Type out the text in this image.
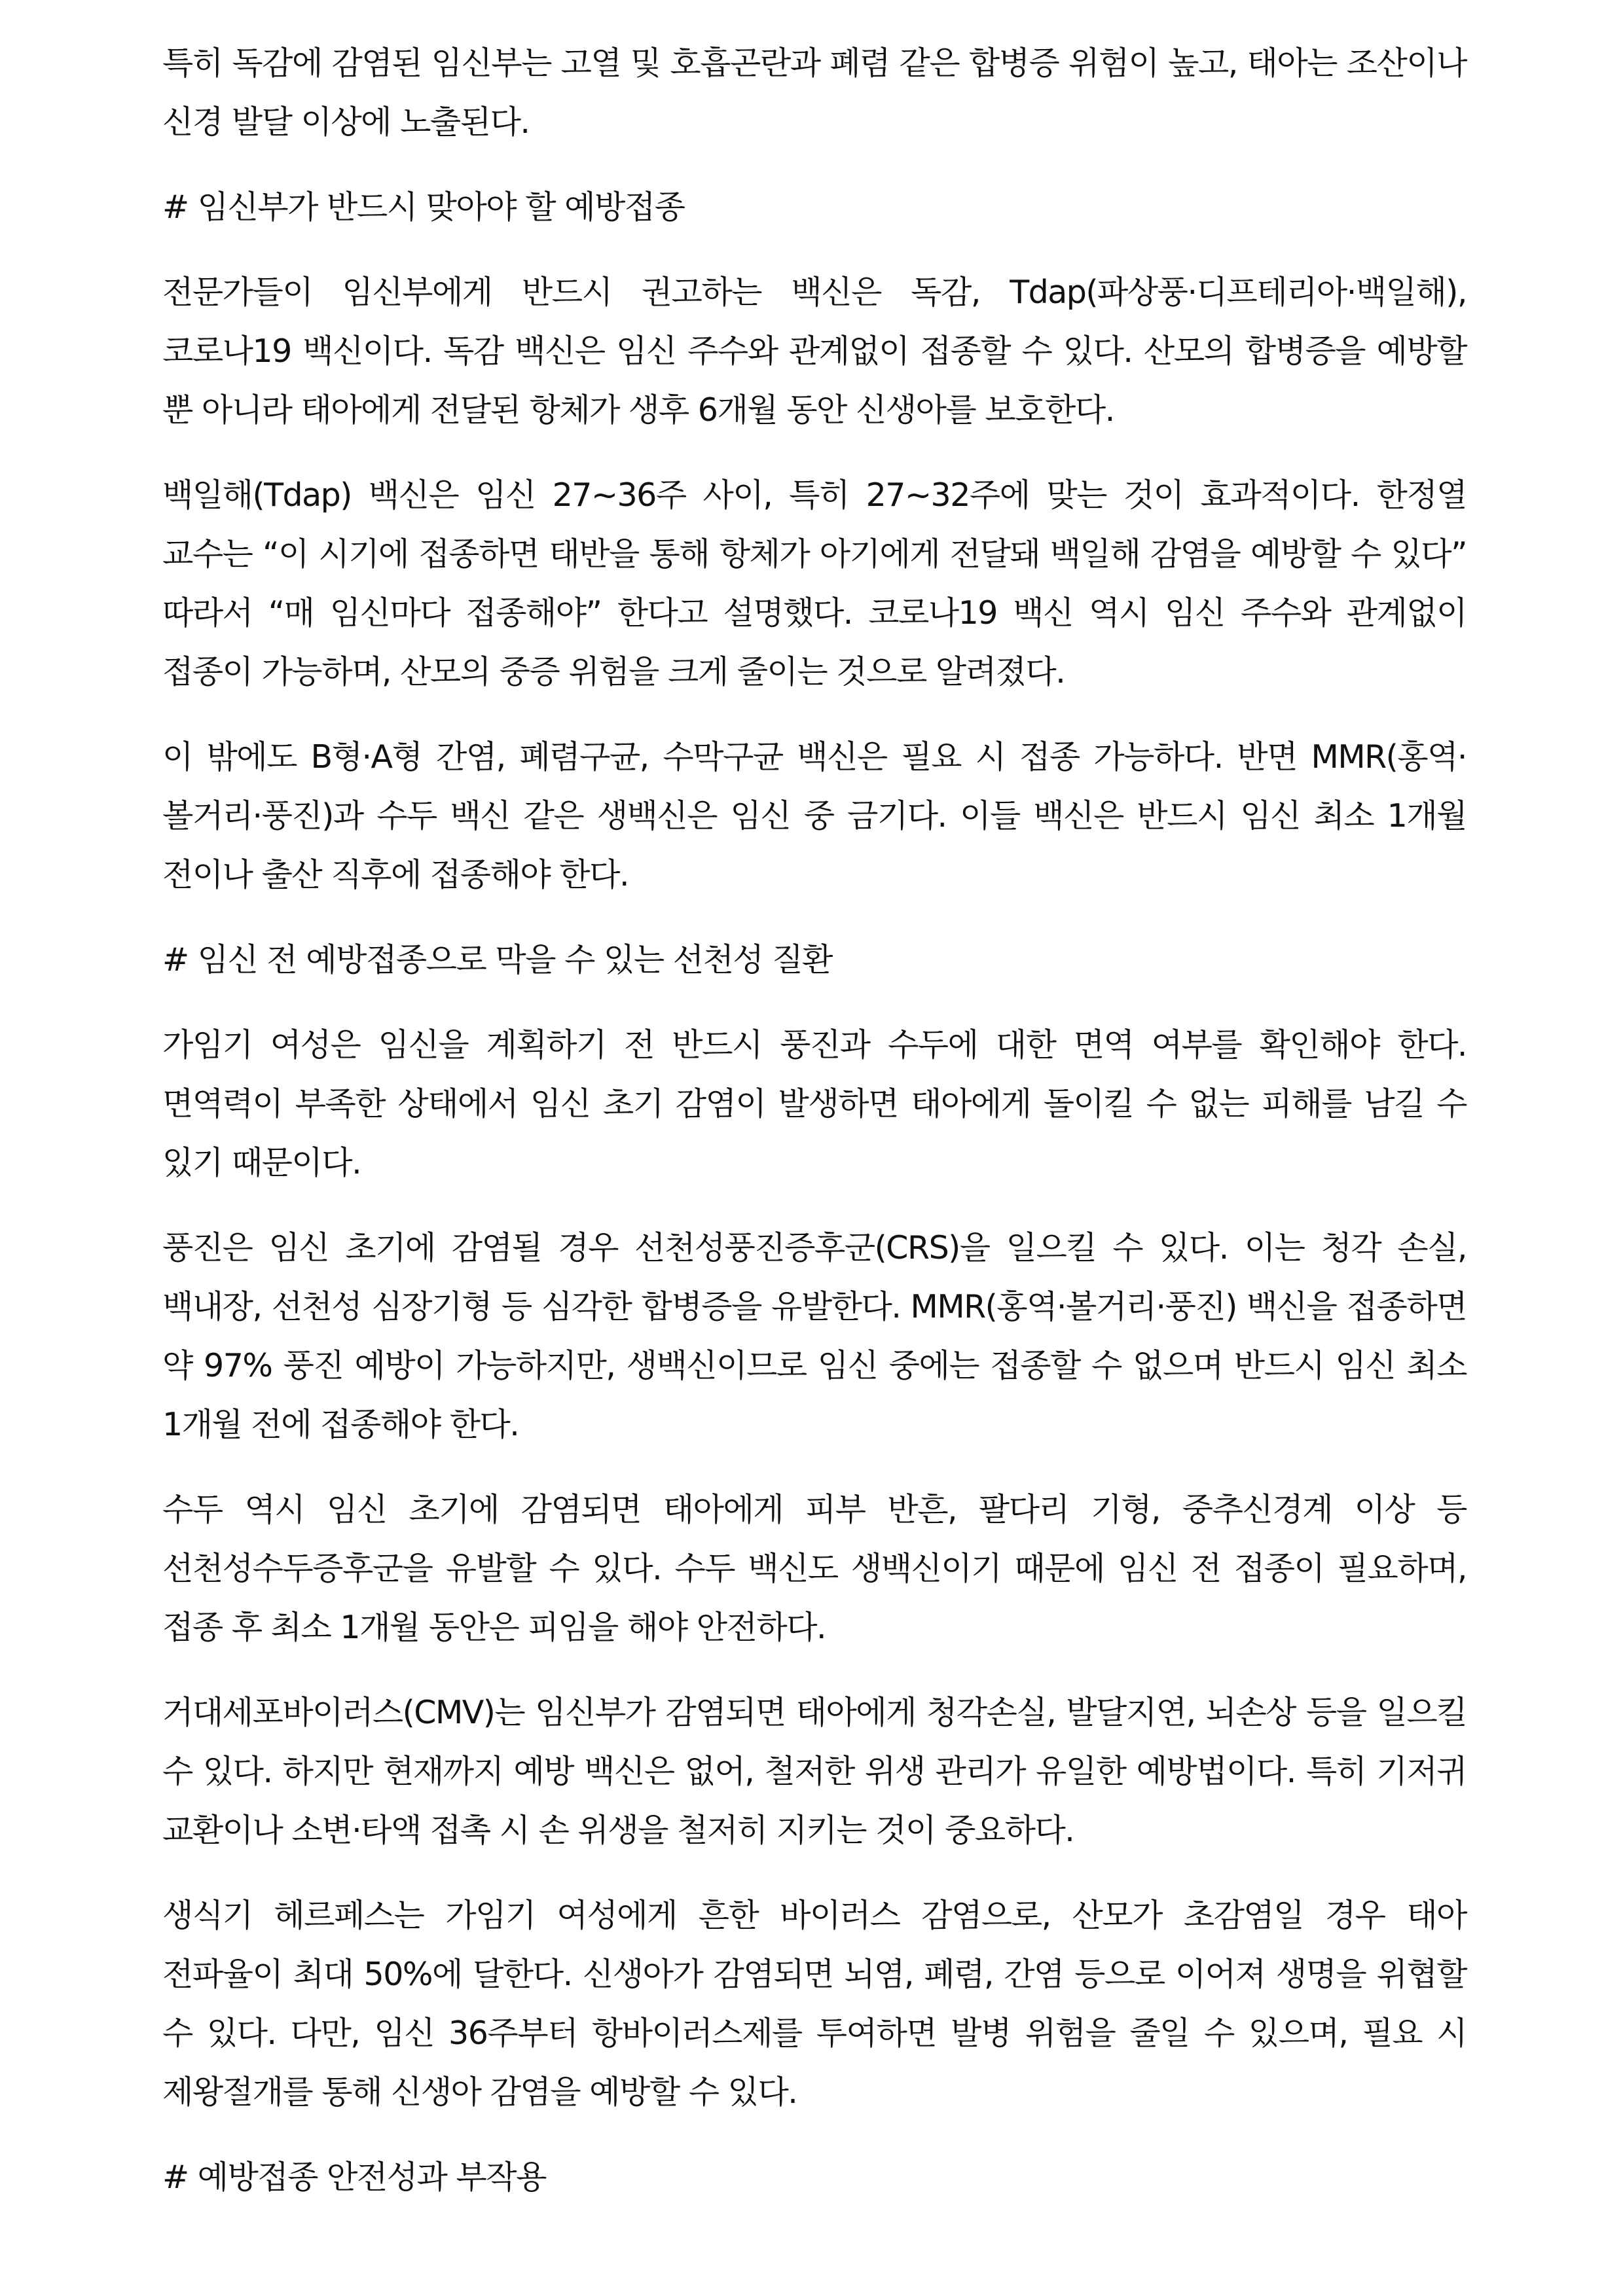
특히 독감에 감염된 임신부는 고열 및 호흡곤란과 폐렴 같은 합병증 위험이 높고, 태아는 조산이나 신경 발달 이상에 노출된다.

# 임신부가 반드시 맞아야 할 예방접종

전문가들이 임신부에게 반드시 권고하는 백신은 독감, Tdap(파상풍·디프테리아·백일해), 코로나19 백신이다. 독감 백신은 임신 주수와 관계없이 접종할 수 있다. 산모의 합병증을 예방할 뿐 아니라 태아에게 전달된 항체가 생후 6개월 동안 신생아를 보호한다.

백일해(Tdap) 백신은 임신 27~36주 사이, 특히 27~32주에 맞는 것이 효과적이다. 한정열 교수는 “이 시기에 접종하면 태반을 통해 항체가 아기에게 전달돼 백일해 감염을 예방할 수 있다” 따라서 “매 임신마다 접종해야” 한다고 설명했다. 코로나19 백신 역시 임신 주수와 관계없이 접종이 가능하며, 산모의 중증 위험을 크게 줄이는 것으로 알려졌다.

이 밖에도 B형·A형 간염, 폐렴구균, 수막구균 백신은 필요 시 접종 가능하다. 반면 MMR(홍역·볼거리·풍진)과 수두 백신 같은 생백신은 임신 중 금기다. 이들 백신은 반드시 임신 최소 1개월 전이나 출산 직후에 접종해야 한다.

# 임신 전 예방접종으로 막을 수 있는 선천성 질환

가임기 여성은 임신을 계획하기 전 반드시 풍진과 수두에 대한 면역 여부를 확인해야 한다. 면역력이 부족한 상태에서 임신 초기 감염이 발생하면 태아에게 돌이킬 수 없는 피해를 남길 수 있기 때문이다.

풍진은 임신 초기에 감염될 경우 선천성풍진증후군(CRS)을 일으킬 수 있다. 이는 청각 손실, 백내장, 선천성 심장기형 등 심각한 합병증을 유발한다. MMR(홍역·볼거리·풍진) 백신을 접종하면 약 97% 풍진 예방이 가능하지만, 생백신이므로 임신 중에는 접종할 수 없으며 반드시 임신 최소 1개월 전에 접종해야 한다.

수두 역시 임신 초기에 감염되면 태아에게 피부 반흔, 팔다리 기형, 중추신경계 이상 등 선천성수두증후군을 유발할 수 있다. 수두 백신도 생백신이기 때문에 임신 전 접종이 필요하며, 접종 후 최소 1개월 동안은 피임을 해야 안전하다.

거대세포바이러스(CMV)는 임신부가 감염되면 태아에게 청각손실, 발달지연, 뇌손상 등을 일으킬 수 있다. 하지만 현재까지 예방 백신은 없어, 철저한 위생 관리가 유일한 예방법이다. 특히 기저귀 교환이나 소변·타액 접촉 시 손 위생을 철저히 지키는 것이 중요하다.

생식기 헤르페스는 가임기 여성에게 흔한 바이러스 감염으로, 산모가 초감염일 경우 태아 전파율이 최대 50%에 달한다. 신생아가 감염되면 뇌염, 폐렴, 간염 등으로 이어져 생명을 위협할 수 있다. 다만, 임신 36주부터 항바이러스제를 투여하면 발병 위험을 줄일 수 있으며, 필요 시 제왕절개를 통해 신생아 감염을 예방할 수 있다.

# 예방접종 안전성과 부작용
